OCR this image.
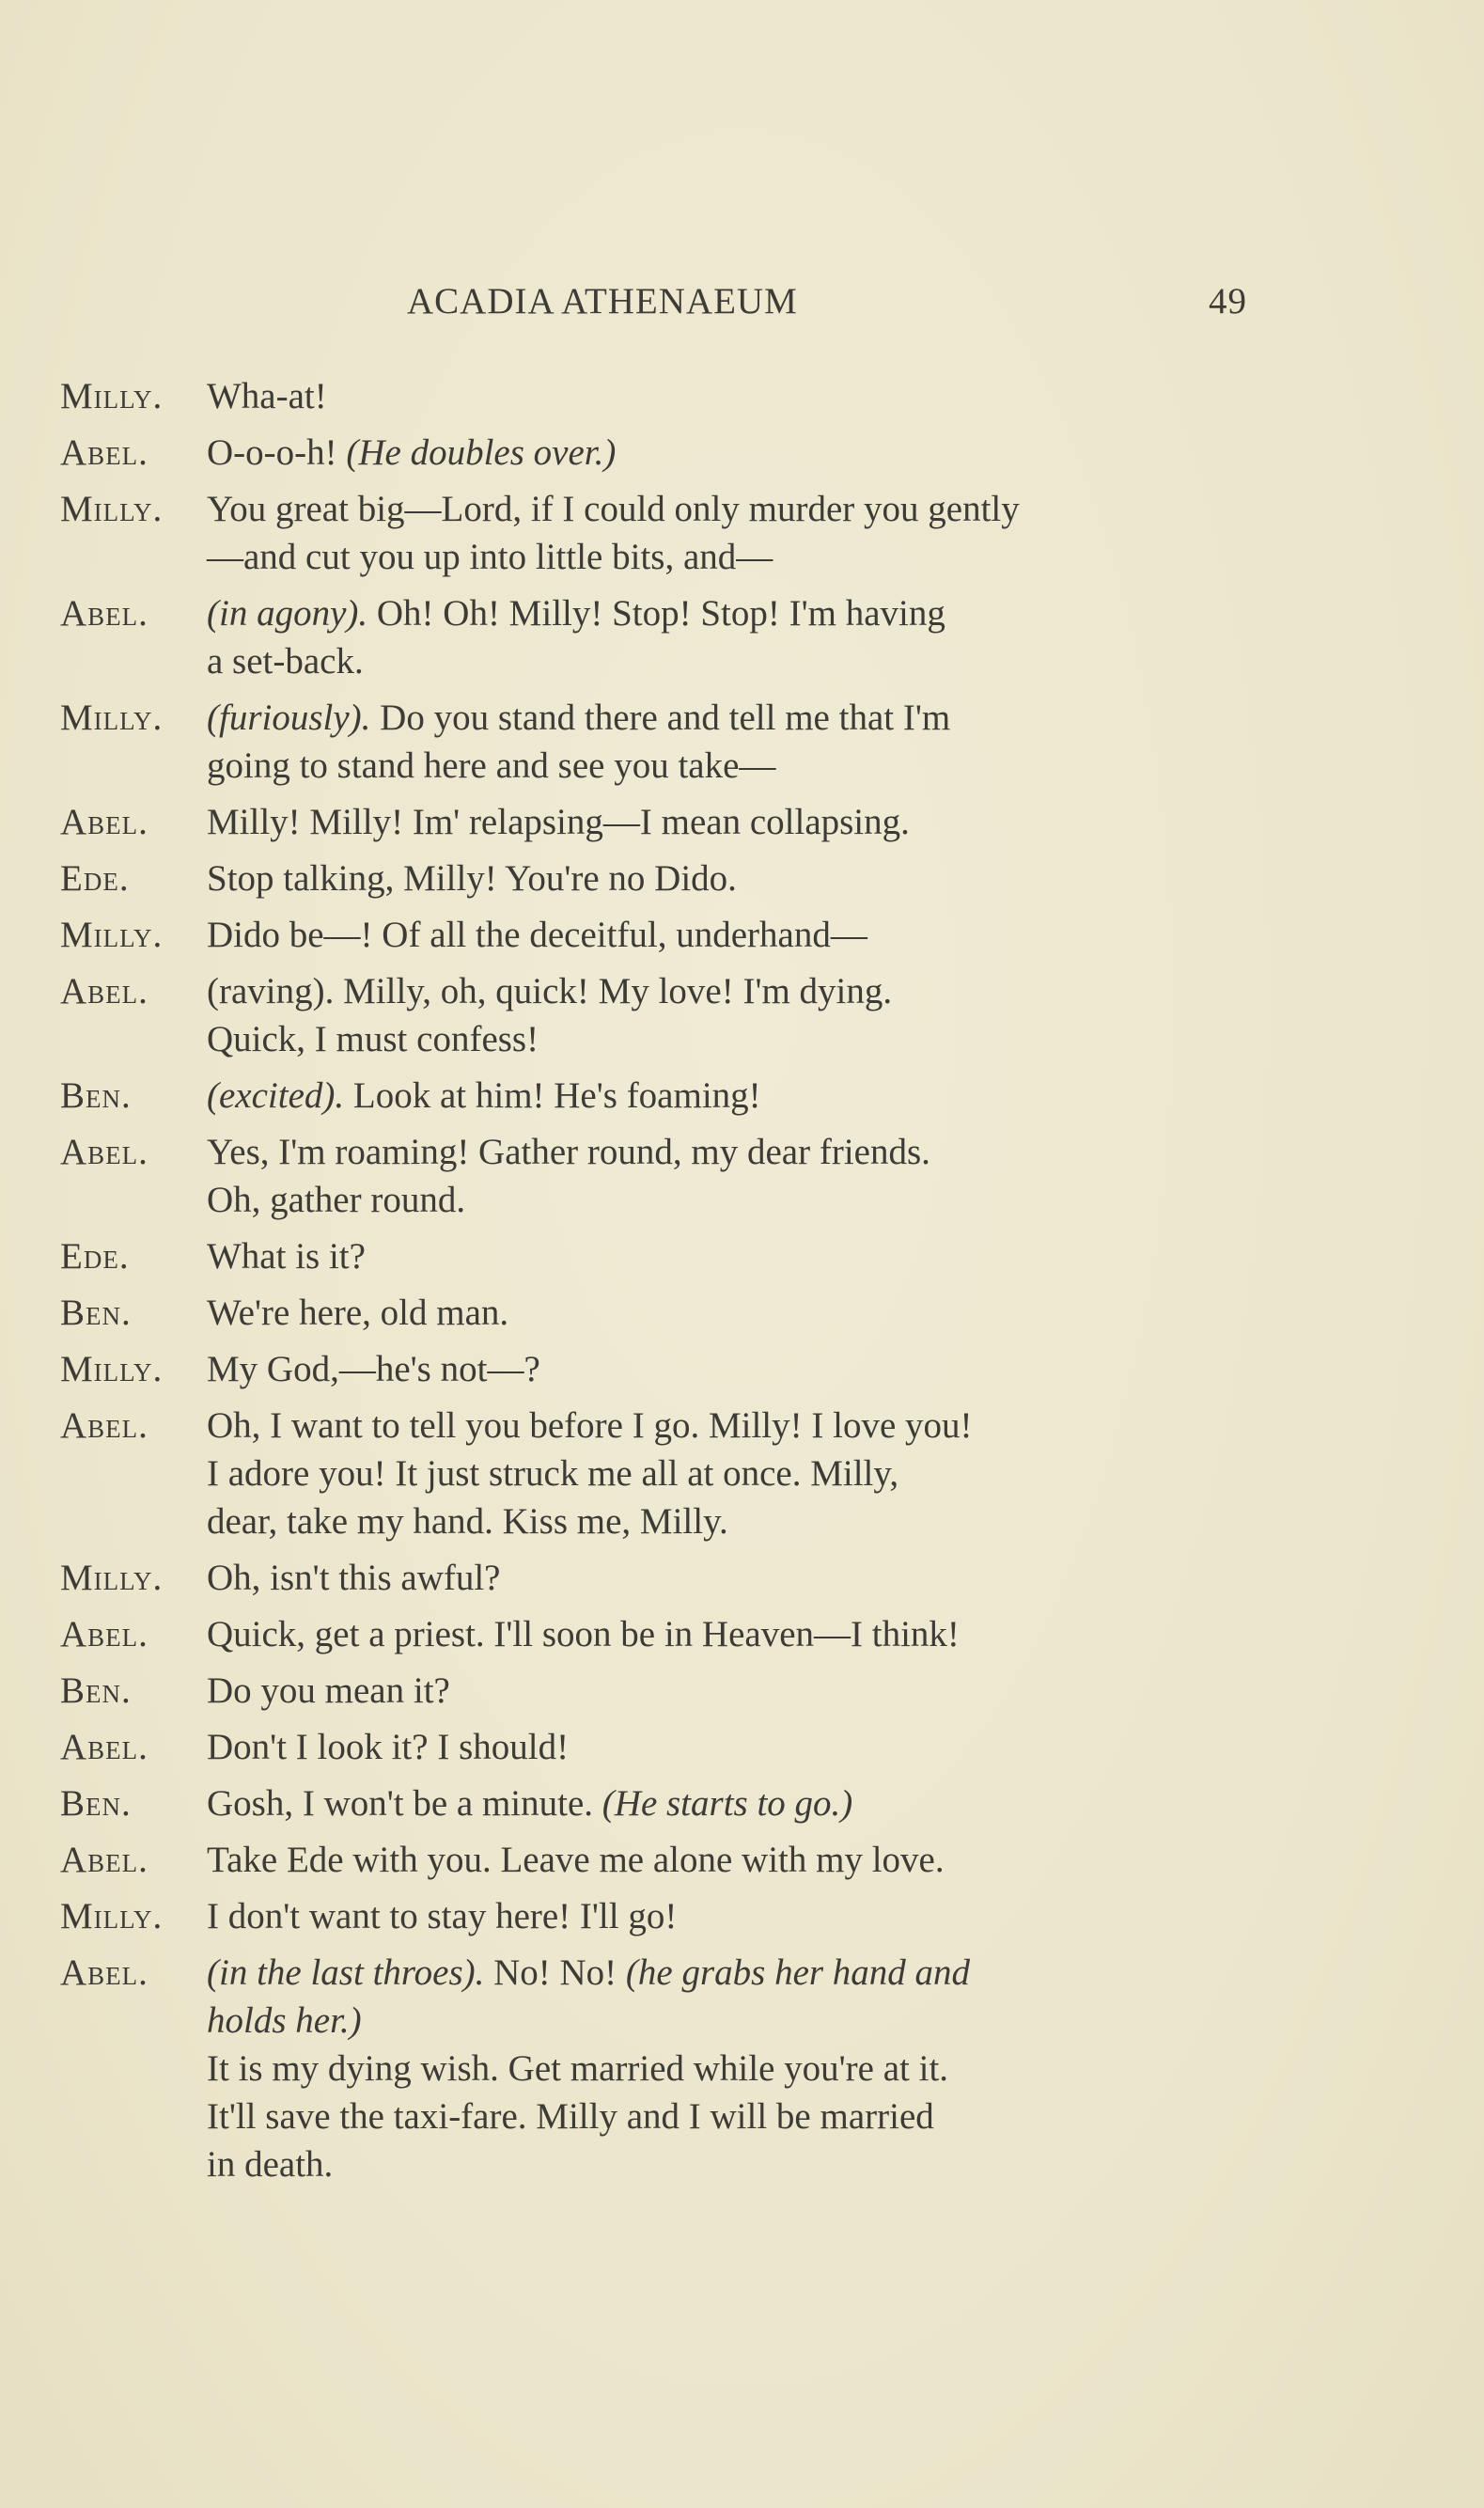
ACADIA ATHENAEUM	49
Milly. Wha-at!
Abel. O-o-o-h! (He doubles over.)
Milly. You great big—Lord, if I could only murder you gently
—and cut you up into little bits, and—
Abel. (in agony). Oh! Oh! Milly! Stop! Stop! I'm having
a set-back.
Milly. (furiously). Do you stand there and tell me that I'm
going to stand here and see you take—
Abel. Milly! Milly! Im' relapsing—I mean collapsing.
Ede. Stop talking, Milly! You're no Dido.
Milly. Dido be—! Of all the deceitful, underhand—
Abel. (raving). Milly, oh, quick! My love! I'm dying.
Quick, I must confess!
Ben. (excited). Look at him! He's foaming!
Abel. Yes, I'm roaming! Gather round, my dear friends.
Oh, gather round.
Ede. What is it?
Ben. We're here, old man.
Milly. My God,—he's not—?
Abel. Oh, I want to tell you before I go. Milly! I love you!
I adore you! It just struck me all at once. Milly,
dear, take my hand. Kiss me, Milly.
Milly. Oh, isn't this awful?
Abel. Quick, get a priest. I'll soon be in Heaven—I think!
Ben. Do you mean it?
Abel. Don't I look it? I should!
Ben. Gosh, I won't be a minute. (He starts to go.)
Abel. Take Ede with you. Leave me alone with my love.
Milly. I don't want to stay here! I'll go!
Abel. (in the last throes). No! No! (he grabs her hand and
holds her.)
It is my dying wish. Get married while you're at it.
It'll save the taxi-fare. Milly and I will be married
in death.
